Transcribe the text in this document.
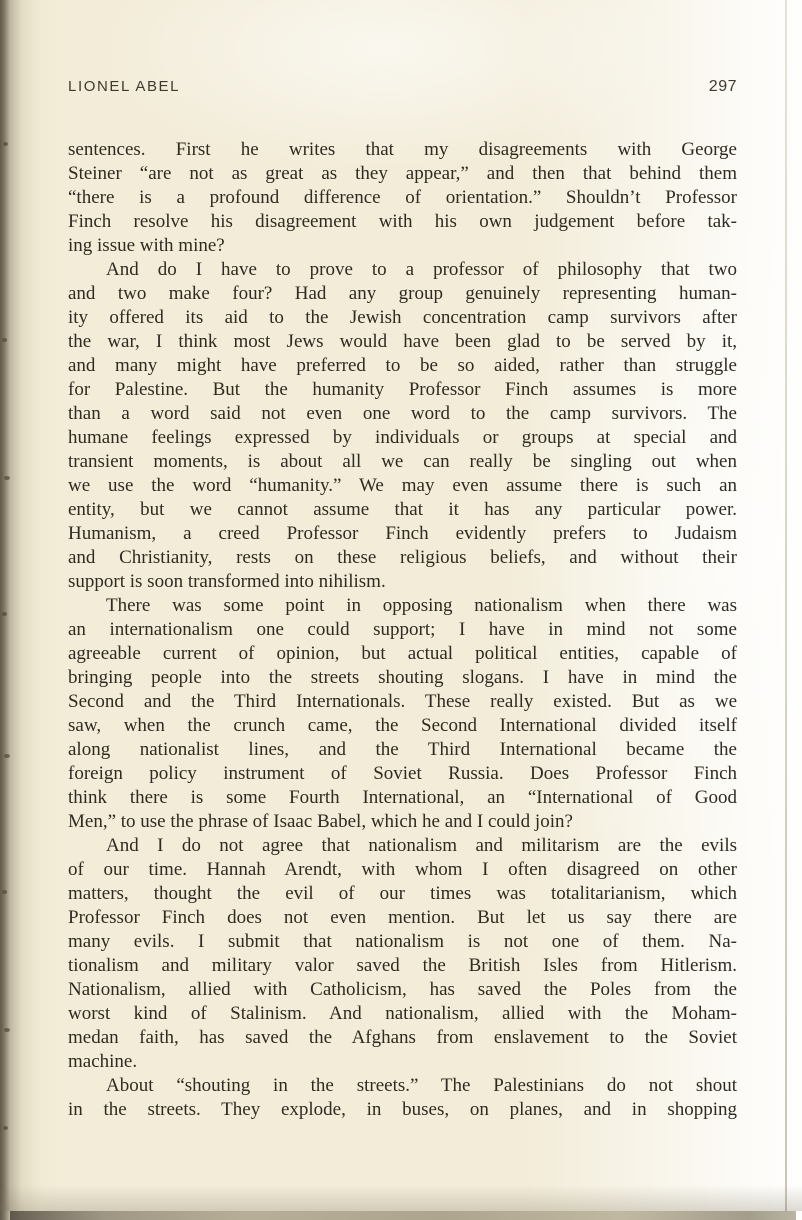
LIONEL ABEL	297
sentences. First he writes that my disagreements with George
Steiner “are not as great as they appear,” and then that behind them
“there is a profound difference of orientation.” Shouldn’t Professor
Finch resolve his disagreement with his own judgement before tak-
ing issue with mine?
And do I have to prove to a professor of philosophy that two
and two make four? Had any group genuinely representing human-
ity offered its aid to the Jewish concentration camp survivors after
the war, I think most Jews would have been glad to be served by it,
and many might have preferred to be so aided, rather than struggle
for Palestine. But the humanity Professor Finch assumes is more
than a word said not even one word to the camp survivors. The
humane feelings expressed by individuals or groups at special and
transient moments, is about all we can really be singling out when
we use the word “humanity.” We may even assume there is such an
entity, but we cannot assume that it has any particular power.
Humanism, a creed Professor Finch evidently prefers to Judaism
and Christianity, rests on these religious beliefs, and without their
support is soon transformed into nihilism.
There was some point in opposing nationalism when there was
an internationalism one could support; I have in mind not some
agreeable current of opinion, but actual political entities, capable of
bringing people into the streets shouting slogans. I have in mind the
Second and the Third Internationals. These really existed. But as we
saw, when the crunch came, the Second International divided itself
along nationalist lines, and the Third International became the
foreign policy instrument of Soviet Russia. Does Professor Finch
think there is some Fourth International, an “International of Good
Men,” to use the phrase of Isaac Babel, which he and I could join?
And I do not agree that nationalism and militarism are the evils
of our time. Hannah Arendt, with whom I often disagreed on other
matters, thought the evil of our times was totalitarianism, which
Professor Finch does not even mention. But let us say there are
many evils. I submit that nationalism is not one of them. Na-
tionalism and military valor saved the British Isles from Hitlerism.
Nationalism, allied with Catholicism, has saved the Poles from the
worst kind of Stalinism. And nationalism, allied with the Moham-
medan faith, has saved the Afghans from enslavement to the Soviet
machine.
About “shouting in the streets.” The Palestinians do not shout
in the streets. They explode, in buses, on planes, and in shopping
